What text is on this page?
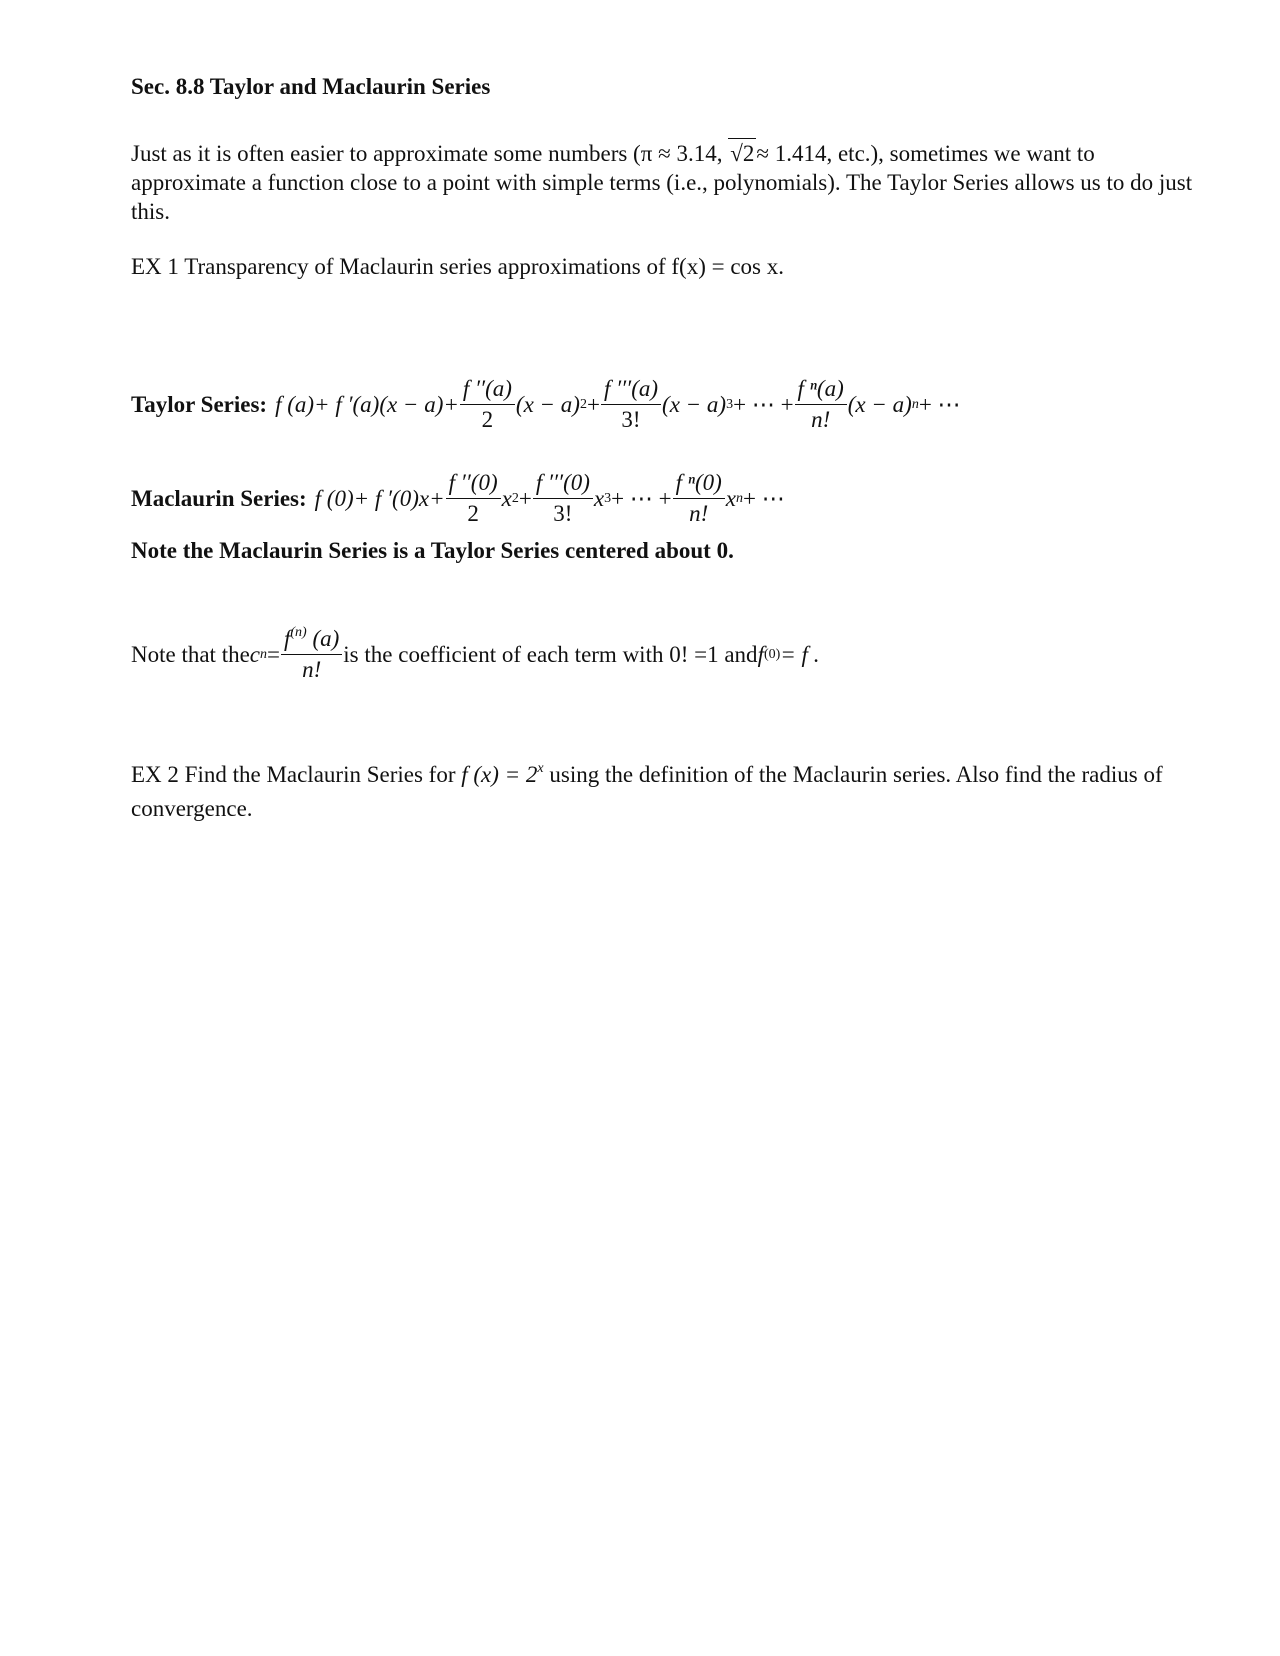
Sec. 8.8 Taylor and Maclaurin Series
Just as it is often easier to approximate some numbers (π ≈ 3.14, √2 ≈ 1.414, etc.), sometimes we want to approximate a function close to a point with simple terms (i.e., polynomials). The Taylor Series allows us to do just this.
EX 1 Transparency of Maclaurin series approximations of f(x) = cos x.
Taylor Series: f (a)+ f $'(a)(x - a)+ \frac{f ''(a)}{2} (x - a) 2 + \frac{f '''(a)}{3!} (x - a) 3$ + ⋯ + $\frac{\text{f ⁿ(a)}}{n!} (x - a) n$ + ⋯
Maclaurin Series: f (0)+ f $'(0)x+ \frac{f ''(0)}{2}$ x $2 + \frac{f '''(0)}{3!}$ x 3 + ⋯ + $\frac{\text{f ⁿ(0)}}{n!}$ x n + ⋯
Note the Maclaurin Series is a Taylor Series centered about 0.
Note that the c $n = \frac{f^{(n)} (a)}{n!}$ is the coefficient of each term with 0! =1 and f (0) = f .
EX 2 Find the Maclaurin Series for f $(x) = 2^x$ using the definition of the Maclaurin series. Also find the radius of convergence.
